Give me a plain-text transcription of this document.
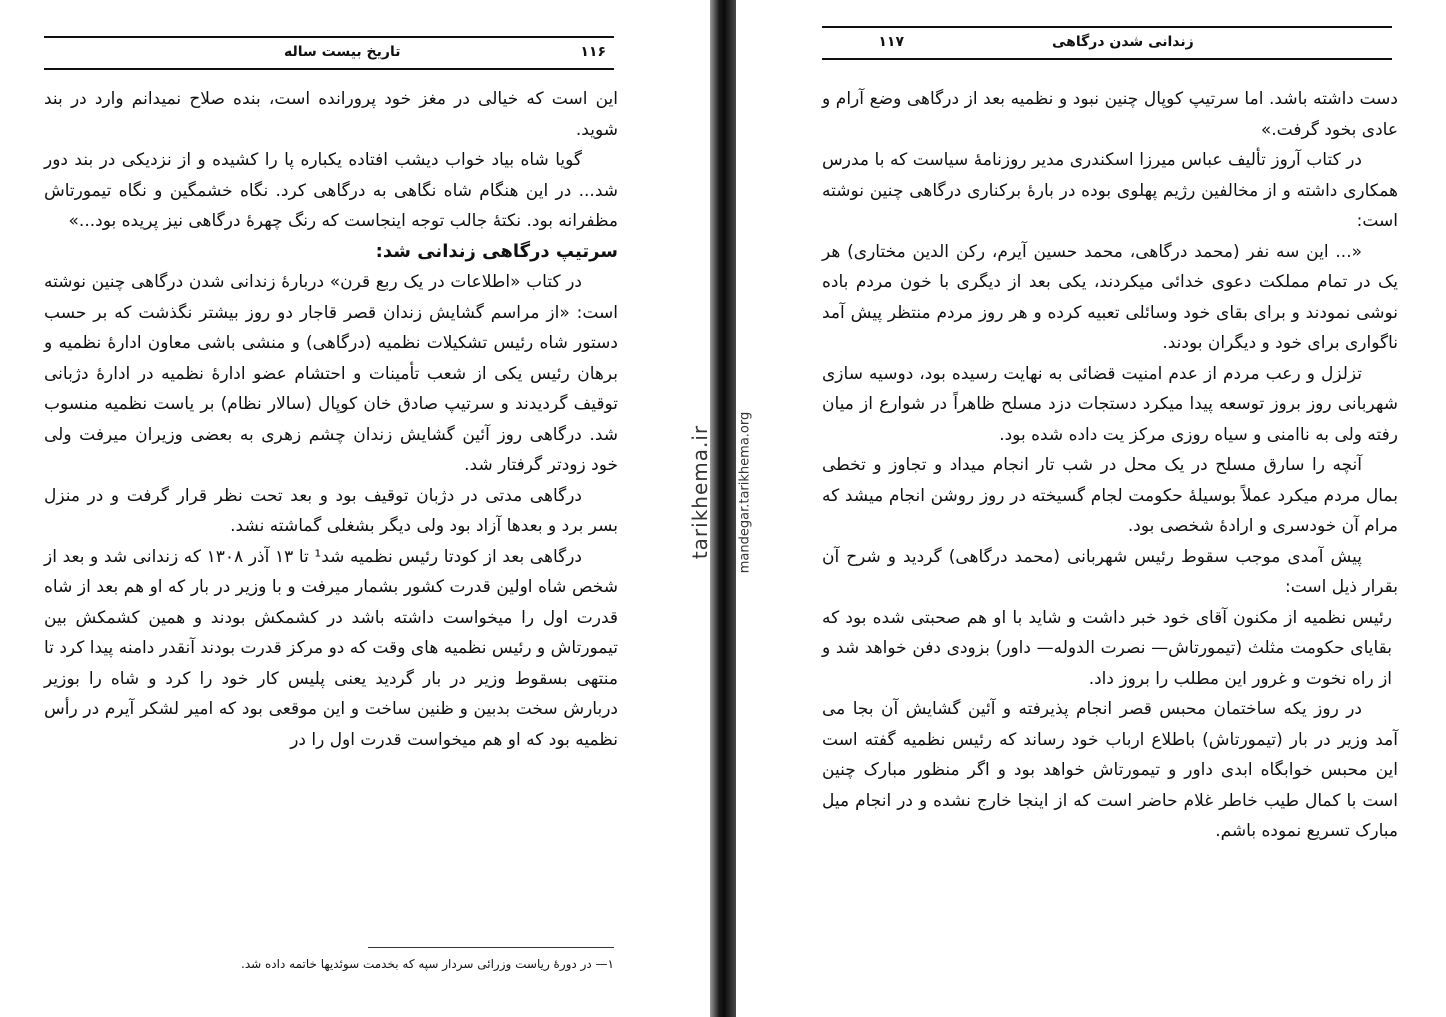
تاریخ بیست ساله	۱۱۶

این است که خیالی در مغز خود پرورانده است، بنده صلاح نمیدانم وارد در بند شوید.

گویا شاه بیاد خواب دیشب افتاده یکباره پا را کشیده و از نزدیکی در بند دور شد... در این هنگام شاه نگاهی به درگاهی کرد. نگاه خشمگین و نگاه تیمورتاش مظفرانه بود. نکتهٔ جالب توجه اینجاست که رنگ چهرهٔ درگاهی نیز پریده بود...»

سرتیپ درگاهی زندانی شد:

در کتاب «اطلاعات در یک ربع قرن» دربارهٔ زندانی شدن درگاهی چنین نوشته است: «از مراسم گشایش زندان قصر قاجار دو روز بیشتر نگذشت که بر حسب دستور شاه رئیس تشکیلات نظمیه (درگاهی) و منشی باشی معاون ادارهٔ نظمیه و برهان رئیس یکی از شعب تأمینات و احتشام عضو ادارهٔ نظمیه در ادارهٔ دژبانی توقیف گردیدند و سرتیپ صادق خان کوپال (سالار نظام) بر یاست نظمیه منسوب شد. درگاهی روز آئین گشایش زندان چشم زهری به بعضی وزیران میرفت ولی خود زودتر گرفتار شد.

درگاهی مدتی در دژبان توقیف بود و بعد تحت نظر قرار گرفت و در منزل بسر برد و بعدها آزاد بود ولی دیگر بشغلی گماشته نشد.

درگاهی بعد از کودتا رئیس نظمیه شد¹ تا ۱۳ آذر ۱۳۰۸ که زندانی شد و بعد از شخص شاه اولین قدرت کشور بشمار میرفت و با وزیر در بار که او هم بعد از شاه قدرت اول را میخواست داشته باشد در کشمکش بودند و همین کشمکش بین تیمورتاش و رئیس نظمیه های وقت که دو مرکز قدرت بودند آنقدر دامنه پیدا کرد تا منتهی بسقوط وزیر در بار گردید یعنی پلیس کار خود را کرد و شاه را بوزیر دربارش سخت بدبین و ظنین ساخت و این موقعی بود که امیر لشکر آیرم در رأس نظمیه بود که او هم میخواست قدرت اول را در

۱— در دورهٔ ریاست وزرائی سردار سپه که بخدمت سوئدیها خاتمه داده شد.
tarikhema.ir mandegar.tarikhema.org
زندانی شدن درگاهی
۱۱۷

دست داشته باشد. اما سرتیپ کوپال چنین نبود و نظمیه بعد از درگاهی وضع آرام و عادی بخود گرفت.»

در کتاب آروز تألیف عباس میرزا اسکندری مدیر روزنامهٔ سیاست که با مدرس همکاری داشته و از مخالفین رژیم پهلوی بوده در بارهٔ برکناری درگاهی چنین نوشته است:

«... این سه نفر (محمد درگاهی، محمد حسین آیرم، رکن الدین مختاری) هر یک در تمام مملکت دعوی خدائی میکردند، یکی بعد از دیگری با خون مردم باده نوشی نمودند و برای بقای خود وسائلی تعبیه کرده و هر روز مردم منتظر پیش آمد ناگواری برای خود و دیگران بودند.

تزلزل و رعب مردم از عدم امنیت قضائی به نهایت رسیده بود، دوسیه سازی شهربانی روز بروز توسعه پیدا میکرد دستجات دزد مسلح ظاهراً در شوارع از میان رفته ولی به ناامنی و سیاه روزی مرکز یت داده شده بود.

آنچه را سارق مسلح در یک محل در شب تار انجام میداد و تجاوز و تخطی بمال مردم میکرد عملاً بوسیلهٔ حکومت لجام گسیخته در روز روشن انجام میشد که مرام آن خودسری و ارادهٔ شخصی بود.

پیش آمدی موجب سقوط رئیس شهربانی (محمد درگاهی) گردید و شرح آن بقرار ذیل است:

رئیس نظمیه از مکنون آقای خود خبر داشت و شاید با او هم صحبتی شده بود که بقایای حکومت مثلث (تیمورتاش— نصرت الدوله— داور) بزودی دفن خواهد شد و از راه نخوت و غرور این مطلب را بروز داد.

در روز یکه ساختمان محبس قصر انجام پذیرفته و آئین گشایش آن بجا می آمد وزیر در بار (تیمورتاش) باطلاع ارباب خود رساند که رئیس نظمیه گفته است این محبس خوابگاه ابدی داور و تیمورتاش خواهد بود و اگر منظور مبارک چنین است با کمال طیب خاطر غلام حاضر است که از اینجا خارج نشده و در انجام میل مبارک تسریع نموده باشم.
